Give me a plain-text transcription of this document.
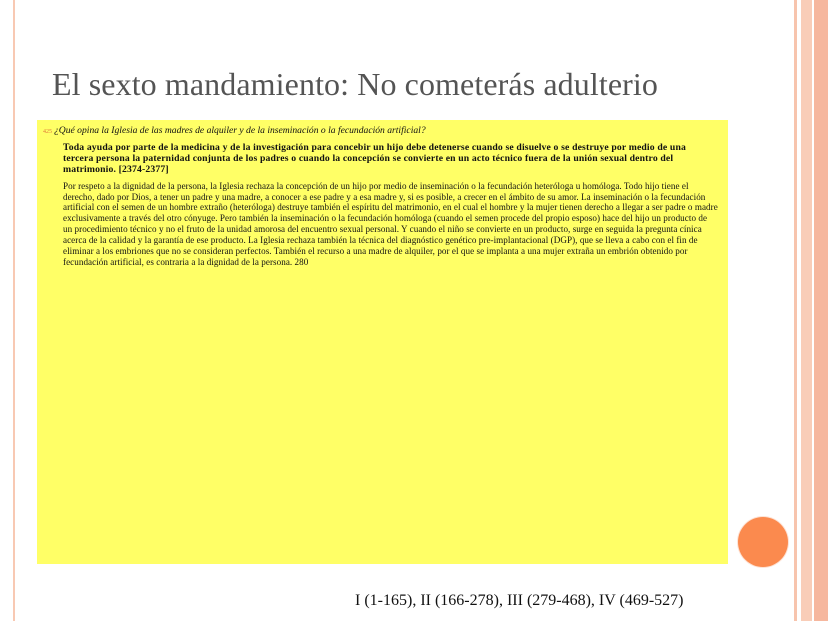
El sexto mandamiento: No cometerás adulterio

425 ¿Qué opina la Iglesia de las madres de alquiler y de la inseminación o la fecundación artificial?

Toda ayuda por parte de la medicina y de la investigación para concebir un hijo debe detenerse cuando se disuelve o se destruye por medio de una tercera persona la paternidad conjunta de los padres o cuando la concepción se convierte en un acto técnico fuera de la unión sexual dentro del matrimonio. [2374-2377]

Por respeto a la dignidad de la persona, la Iglesia rechaza la concepción de un hijo por medio de inseminación o la fecundación heteróloga u homóloga. Todo hijo tiene el derecho, dado por Dios, a tener un padre y una madre, a conocer a ese padre y a esa madre y, si es posible, a crecer en el ámbito de su amor. La inseminación o la fecundación artificial con el semen de un hombre extraño (heteróloga) destruye también el espíritu del matrimonio, en el cual el hombre y la mujer tienen derecho a llegar a ser padre o madre exclusivamente a través del otro cónyuge. Pero también la inseminación o la fecundación homóloga (cuando el semen procede del propio esposo) hace del hijo un producto de un procedimiento técnico y no el fruto de la unidad amorosa del encuentro sexual personal. Y cuando el niño se convierte en un producto, surge en seguida la pregunta cínica acerca de la calidad y la garantía de ese producto. La Iglesia rechaza también la técnica del diagnóstico genético pre-implantacional (DGP), que se lleva a cabo con el fin de eliminar a los embriones que no se consideran perfectos. También el recurso a una madre de alquiler, por el que se implanta a una mujer extraña un embrión obtenido por fecundación artificial, es contraria a la dignidad de la persona. 280

I (1-165), II (166-278), III (279-468), IV (469-527)
